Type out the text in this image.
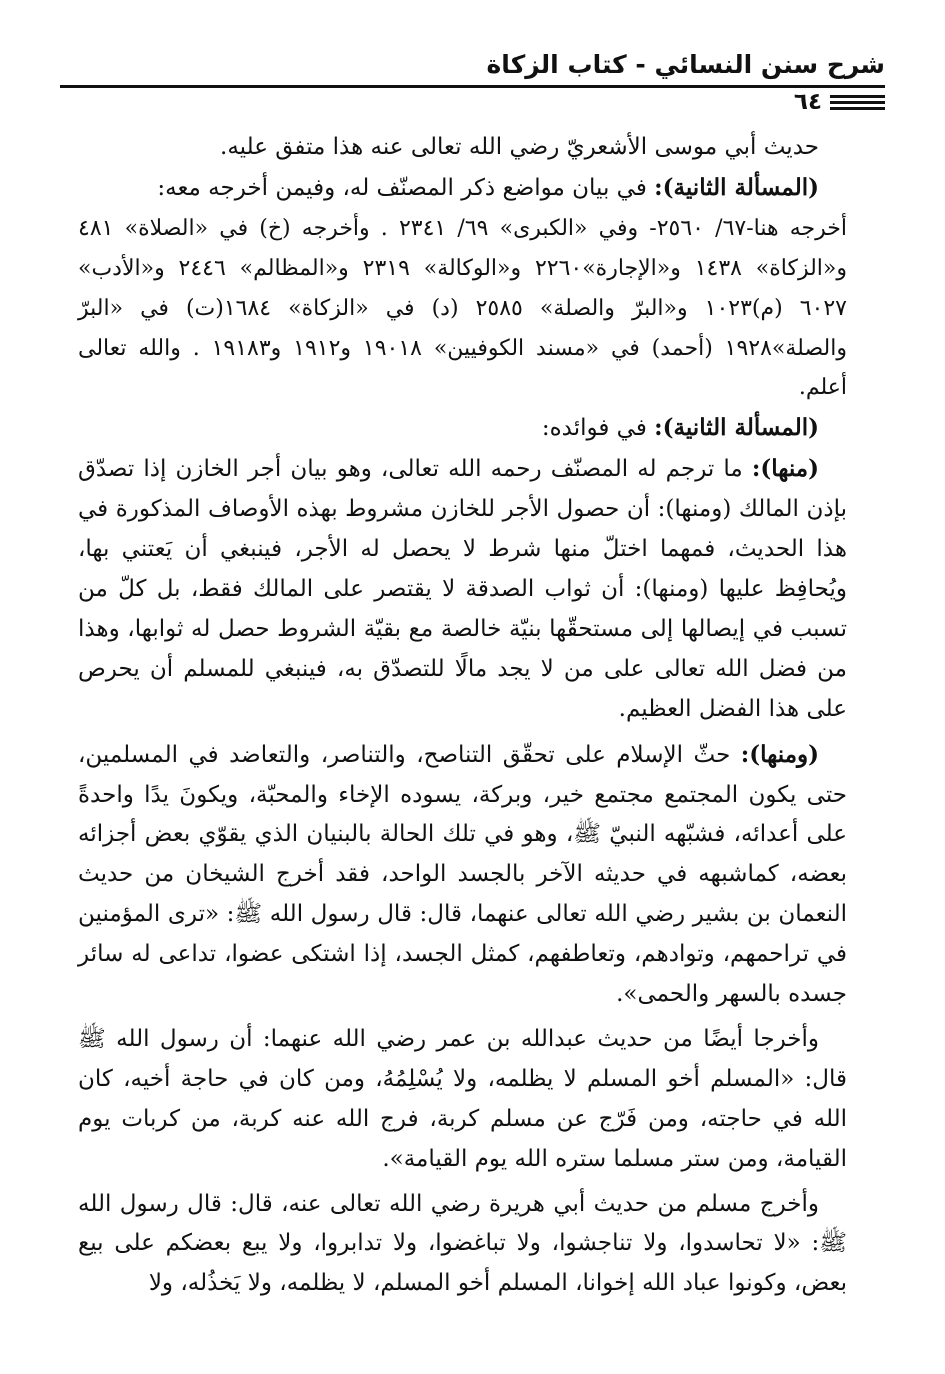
شرح سنن النسائي - كتاب الزكاة
٦٤

حديث أبي موسى الأشعريّ رضي الله تعالى عنه هذا متفق عليه.

(المسألة الثانية): في بيان مواضع ذكر المصنّف له، وفيمن أخرجه معه:

أخرجه هنا-٦٧/ ٢٥٦٠- وفي «الكبرى» ٦٩/ ٢٣٤١ . وأخرجه (خ) في «الصلاة» ٤٨١ و«الزكاة» ١٤٣٨ و«الإجارة»٢٢٦٠ و«الوكالة» ٢٣١٩ و«المظالم» ٢٤٤٦ و«الأدب» ٦٠٢٧ (م)١٠٢٣ و«البرّ والصلة» ٢٥٨٥ (د) في «الزكاة» ١٦٨٤(ت) في «البرّ والصلة»١٩٢٨ (أحمد) في «مسند الكوفيين» ١٩٠١٨ و١٩١٢ و١٩١٨٣ . والله تعالى أعلم.

(المسألة الثانية): في فوائده:

(منها): ما ترجم له المصنّف رحمه الله تعالى، وهو بيان أجر الخازن إذا تصدّق بإذن المالك (ومنها): أن حصول الأجر للخازن مشروط بهذه الأوصاف المذكورة في هذا الحديث، فمهما اختلّ منها شرط لا يحصل له الأجر، فينبغي أن يَعتني بها، ويُحافِظ عليها (ومنها): أن ثواب الصدقة لا يقتصر على المالك فقط، بل كلّ من تسبب في إيصالها إلى مستحقّها بنيّة خالصة مع بقيّة الشروط حصل له ثوابها، وهذا من فضل الله تعالى على من لا يجد مالًا للتصدّق به، فينبغي للمسلم أن يحرص على هذا الفضل العظيم.

(ومنها): حثّ الإسلام على تحقّق التناصح، والتناصر، والتعاضد في المسلمين، حتى يكون المجتمع مجتمع خير، وبركة، يسوده الإخاء والمحبّة، ويكونَ يدًا واحدةً على أعدائه، فشبّهه النبيّ ﷺ، وهو في تلك الحالة بالبنيان الذي يقوّي بعض أجزائه بعضه، كماشبهه في حديثه الآخر بالجسد الواحد، فقد أخرج الشيخان من حديث النعمان بن بشير رضي الله تعالى عنهما، قال: قال رسول الله ﷺ: «ترى المؤمنين في تراحمهم، وتوادهم، وتعاطفهم، كمثل الجسد، إذا اشتكى عضوا، تداعى له سائر جسده بالسهر والحمى».

وأخرجا أيضًا من حديث عبدالله بن عمر رضي الله عنهما: أن رسول الله ﷺ قال: «المسلم أخو المسلم لا يظلمه، ولا يُسْلِمُهُ، ومن كان في حاجة أخيه، كان الله في حاجته، ومن فَرّج عن مسلم كربة، فرج الله عنه كربة، من كربات يوم القيامة، ومن ستر مسلما ستره الله يوم القيامة».

وأخرج مسلم من حديث أبي هريرة رضي الله تعالى عنه، قال: قال رسول الله ﷺ: «لا تحاسدوا، ولا تناجشوا، ولا تباغضوا، ولا تدابروا، ولا يبع بعضكم على بيع بعض، وكونوا عباد الله إخوانا، المسلم أخو المسلم، لا يظلمه، ولا يَخذُله، ولا
